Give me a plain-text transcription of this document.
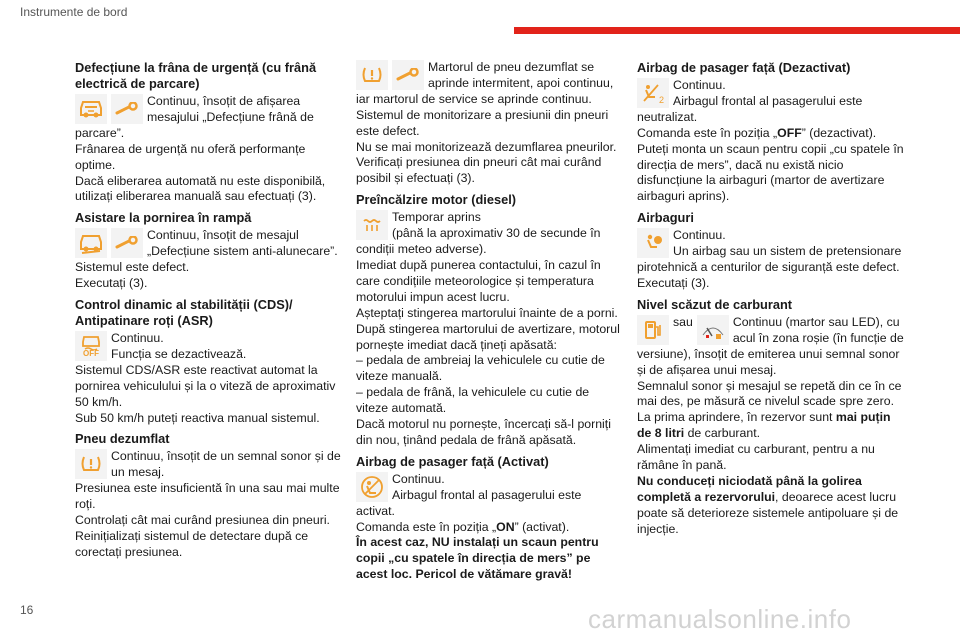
Instrumente de bord
Defecțiune la frâna de urgență (cu frână electrică de parcare)

Continuu, însoțit de afișarea mesajului „Defecțiune frână de parcare”.

Frânarea de urgență nu oferă performanțe optime.

Dacă eliberarea automată nu este disponibilă, utilizați eliberarea manuală sau efectuați (3).

Asistare la pornirea în rampă

Continuu, însoțit de mesajul „Defecțiune sistem anti-alunecare”.

Sistemul este defect.

Executați (3).

Control dinamic al stabilității (CDS)/ Antipatinare roți (ASR)
OFF

Continuu.

Funcția se dezactivează.

Sistemul CDS/ASR este reactivat automat la pornirea vehiculului și la o viteză de aproximativ 50 km/h.

Sub 50 km/h puteți reactiva manual sistemul.

Pneu dezumflat

Continuu, însoțit de un semnal sonor și de un mesaj.

Presiunea este insuficientă în una sau mai multe roți.

Controlați cât mai curând presiunea din pneuri.

Reinițializați sistemul de detectare după ce corectați presiunea.

Martorul de pneu dezumflat se aprinde intermitent, apoi continuu, iar martorul de service se aprinde continuu.

Sistemul de monitorizare a presiunii din pneuri este defect.

Nu se mai monitorizează dezumflarea pneurilor.

Verificați presiunea din pneuri cât mai curând posibil și efectuați (3).

Preîncălzire motor (diesel)

Temporar aprins

(până la aproximativ 30 de secunde în condiții meteo adverse).

Imediat după punerea contactului, în cazul în care condițiile meteorologice și temperatura motorului impun acest lucru.

Așteptați stingerea martorului înainte de a porni.

După stingerea martorului de avertizare, motorul pornește imediat dacă țineți apăsată:

– pedala de ambreiaj la vehiculele cu cutie de viteze manuală.

– pedala de frână, la vehiculele cu cutie de viteze automată.

Dacă motorul nu pornește, încercați să-l porniți din nou, ținând pedala de frână apăsată.

Airbag de pasager față (Activat)

Continuu.

Airbagul frontal al pasagerului este activat.

Comanda este în poziția „ON” (activat).

În acest caz, NU instalați un scaun pentru copii „cu spatele în direcția de mers” pe acest loc. Pericol de vătămare gravă!

Airbag de pasager față (Dezactivat)
2

Continuu.

Airbagul frontal al pasagerului este neutralizat.

Comanda este în poziția „OFF” (dezactivat).

Puteți monta un scaun pentru copii „cu spatele în direcția de mers”, dacă nu există nicio disfuncțiune la airbaguri (martor de avertizare airbaguri aprins).

Airbaguri

Continuu.

Un airbag sau un sistem de pretensionare pirotehnică a centurilor de siguranță este defect.

Executați (3).

Nivel scăzut de carburant
sau	Continuu (martor sau LED), cu acul în zona roșie (în funcție de versiune), însoțit de emiterea unui semnal sonor și de afișarea unui mesaj.

Semnalul sonor și mesajul se repetă din ce în ce mai des, pe măsură ce nivelul scade spre zero.

La prima aprindere, în rezervor sunt mai puțin de 8 litri de carburant.

Alimentați imediat cu carburant, pentru a nu rămâne în pană.

Nu conduceți niciodată până la golirea completă a rezervorului, deoarece acest lucru poate să deterioreze sistemele antipoluare și de injecție.

16	carmanualsonline.info
